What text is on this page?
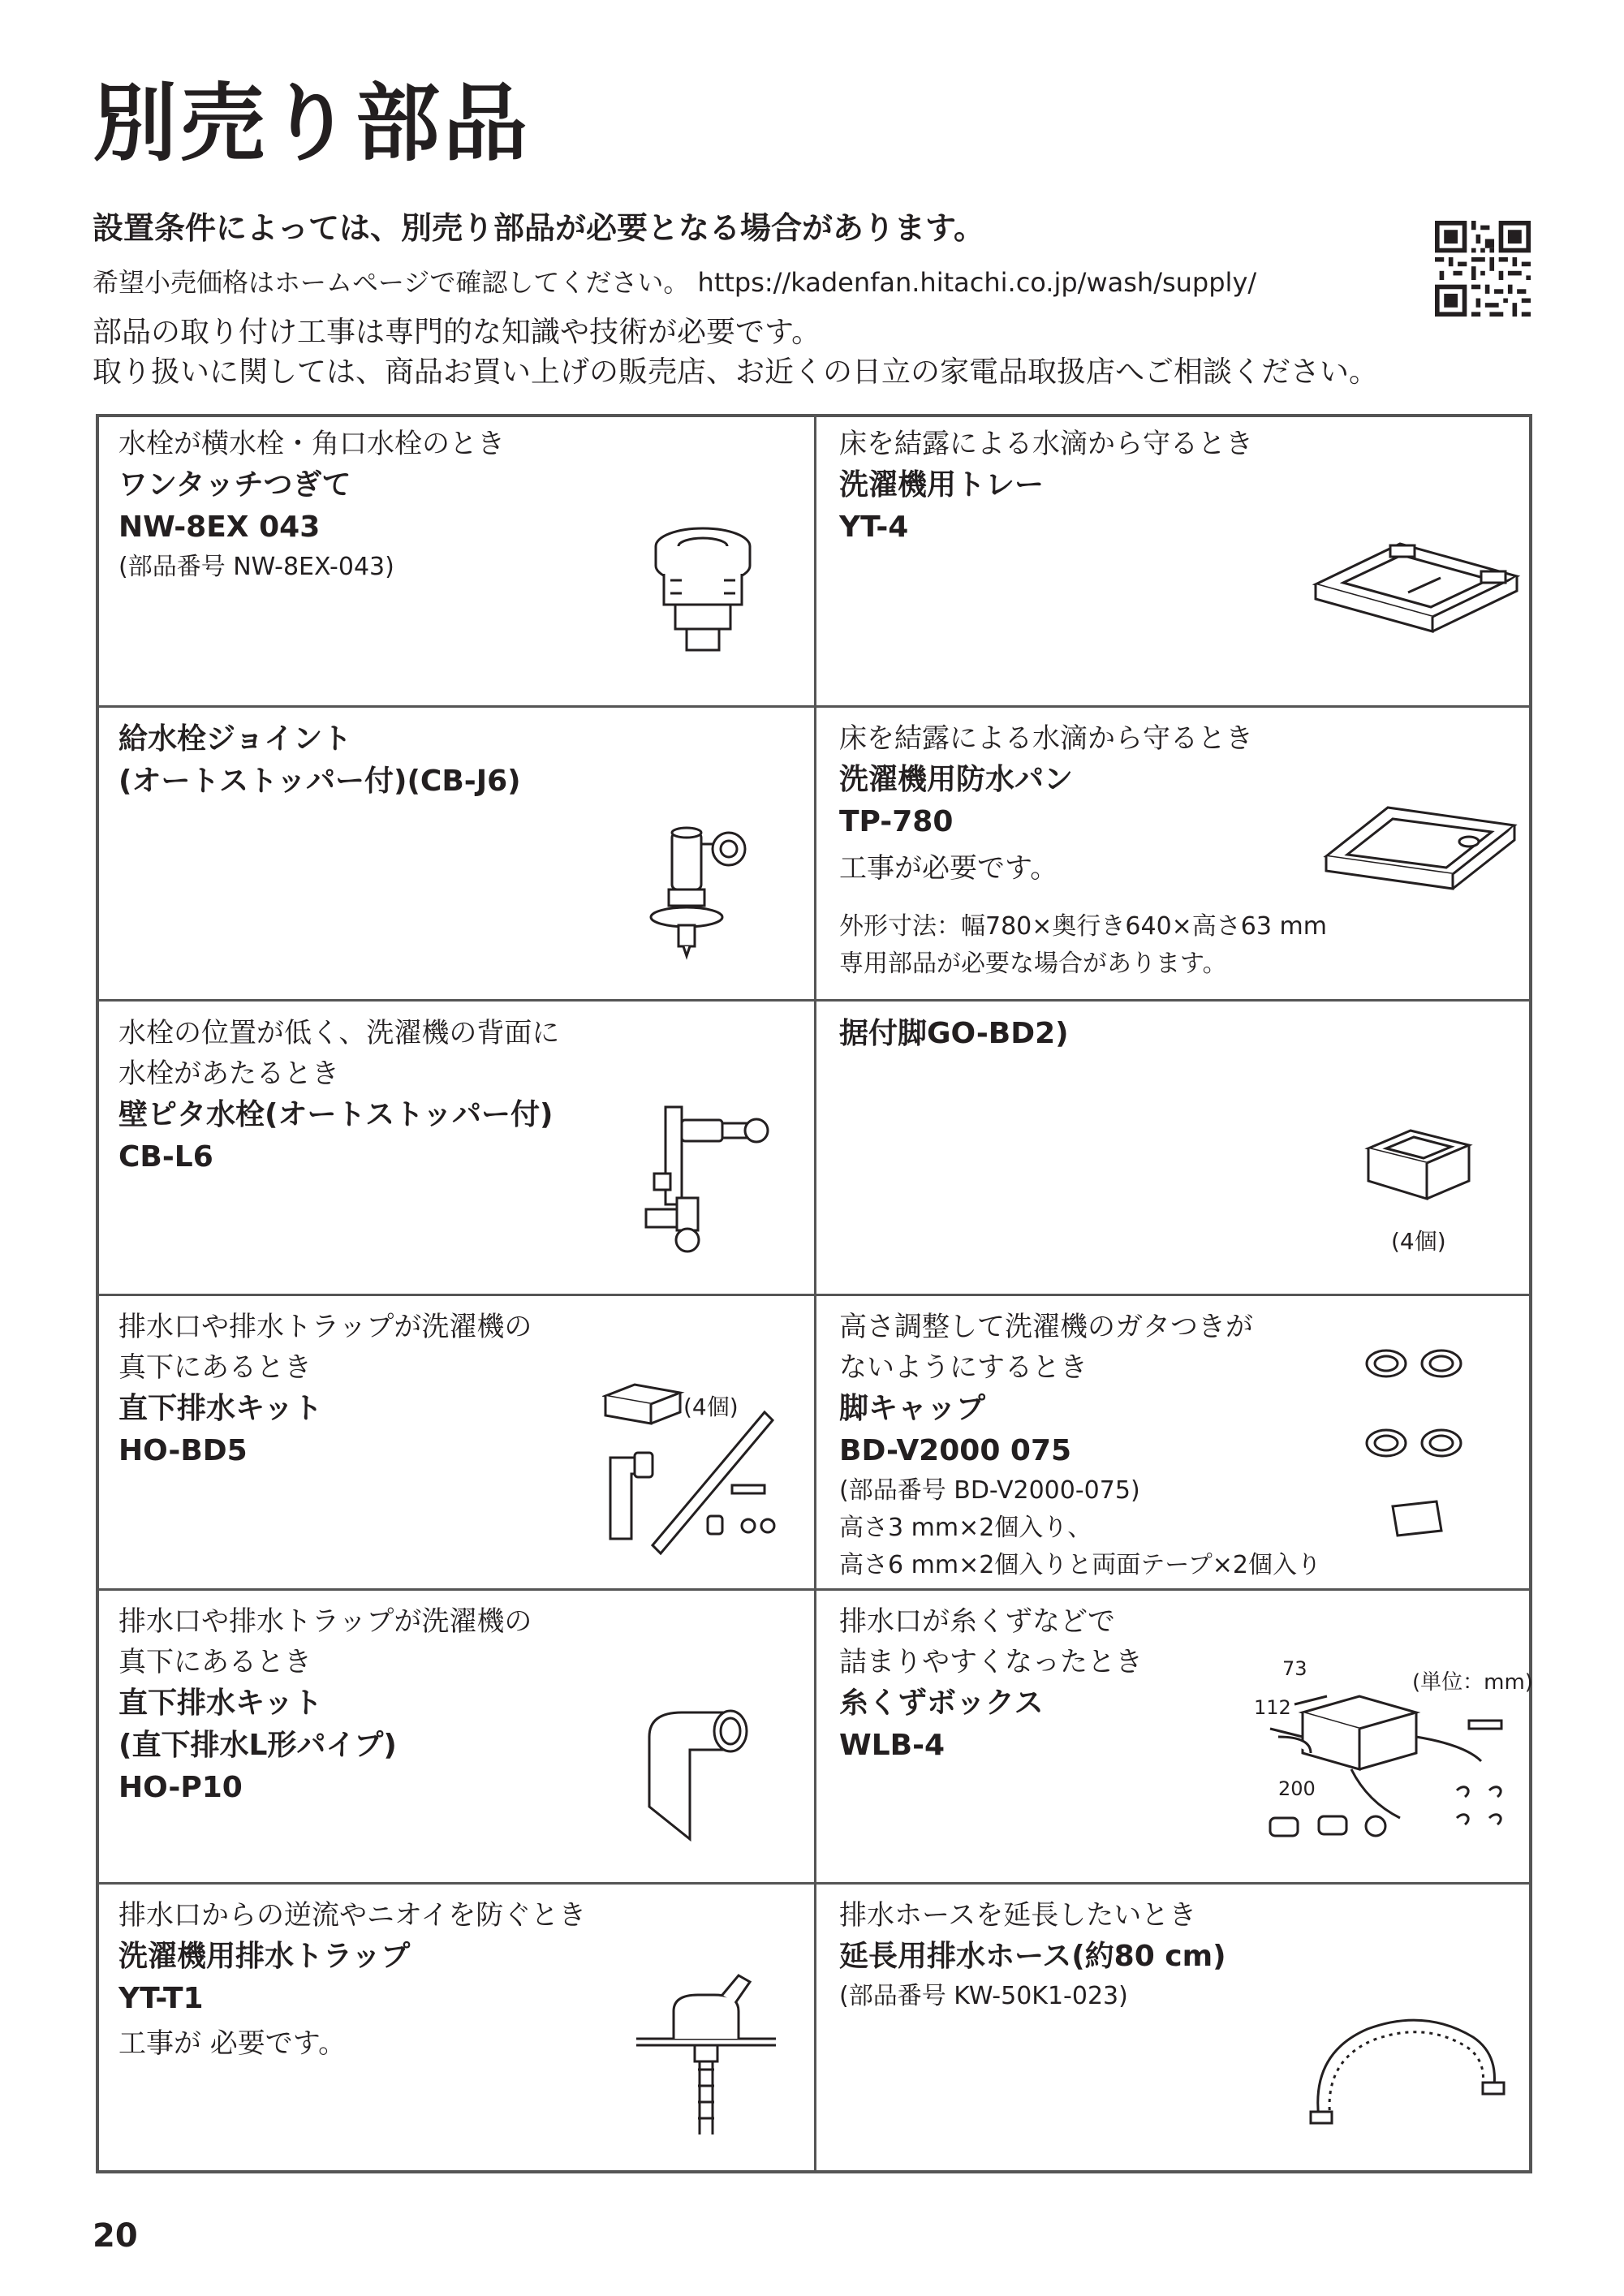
別売り部品
設置条件によっては、別売り部品が必要となる場合があります。
希望小売価格はホームページで確認してください。 https://kadenfan.hitachi.co.jp/wash/supply/
部品の取り付け工事は専門的な知識や技術が必要です。
取り扱いに関しては、商品お買い上げの販売店、お近くの日立の家電品取扱店へご相談ください。
水栓が横水栓・角口水栓のとき
ワンタッチつぎて
NW-8EX 043
(部品番号 NW-8EX-043)
床を結露による水滴から守るとき
洗濯機用トレー
YT-4
給水栓ジョイント
(オートストッパー付)(CB-J6)
床を結露による水滴から守るとき
洗濯機用防水パン
TP-780
工事が必要です。
外形寸法：幅780×奥行き640×高さ63 mm
専用部品が必要な場合があります。
水栓の位置が低く、洗濯機の背面に
水栓があたるとき
壁ピタ水栓(オートストッパー付)
CB-L6
据付脚GO-BD2)
(4個)
排水口や排水トラップが洗濯機の
真下にあるとき
直下排水キット
HO-BD5
(4個)
高さ調整して洗濯機のガタつきが
ないようにするとき
脚キャップ
BD-V2000 075
(部品番号 BD-V2000-075)
高さ3 mm×2個入り、
高さ6 mm×2個入りと両面テープ×2個入り
排水口や排水トラップが洗濯機の
真下にあるとき
直下排水キット
(直下排水L形パイプ)
HO-P10
排水口が糸くずなどで
詰まりやすくなったとき
糸くずボックス
WLB-4
(単位：mm)
73
112
200
排水口からの逆流やニオイを防ぐとき
洗濯機用排水トラップ
YT-T1
工事が 必要です。
排水ホースを延長したいとき
延長用排水ホース(約80 cm)
(部品番号 KW-50K1-023)
20
